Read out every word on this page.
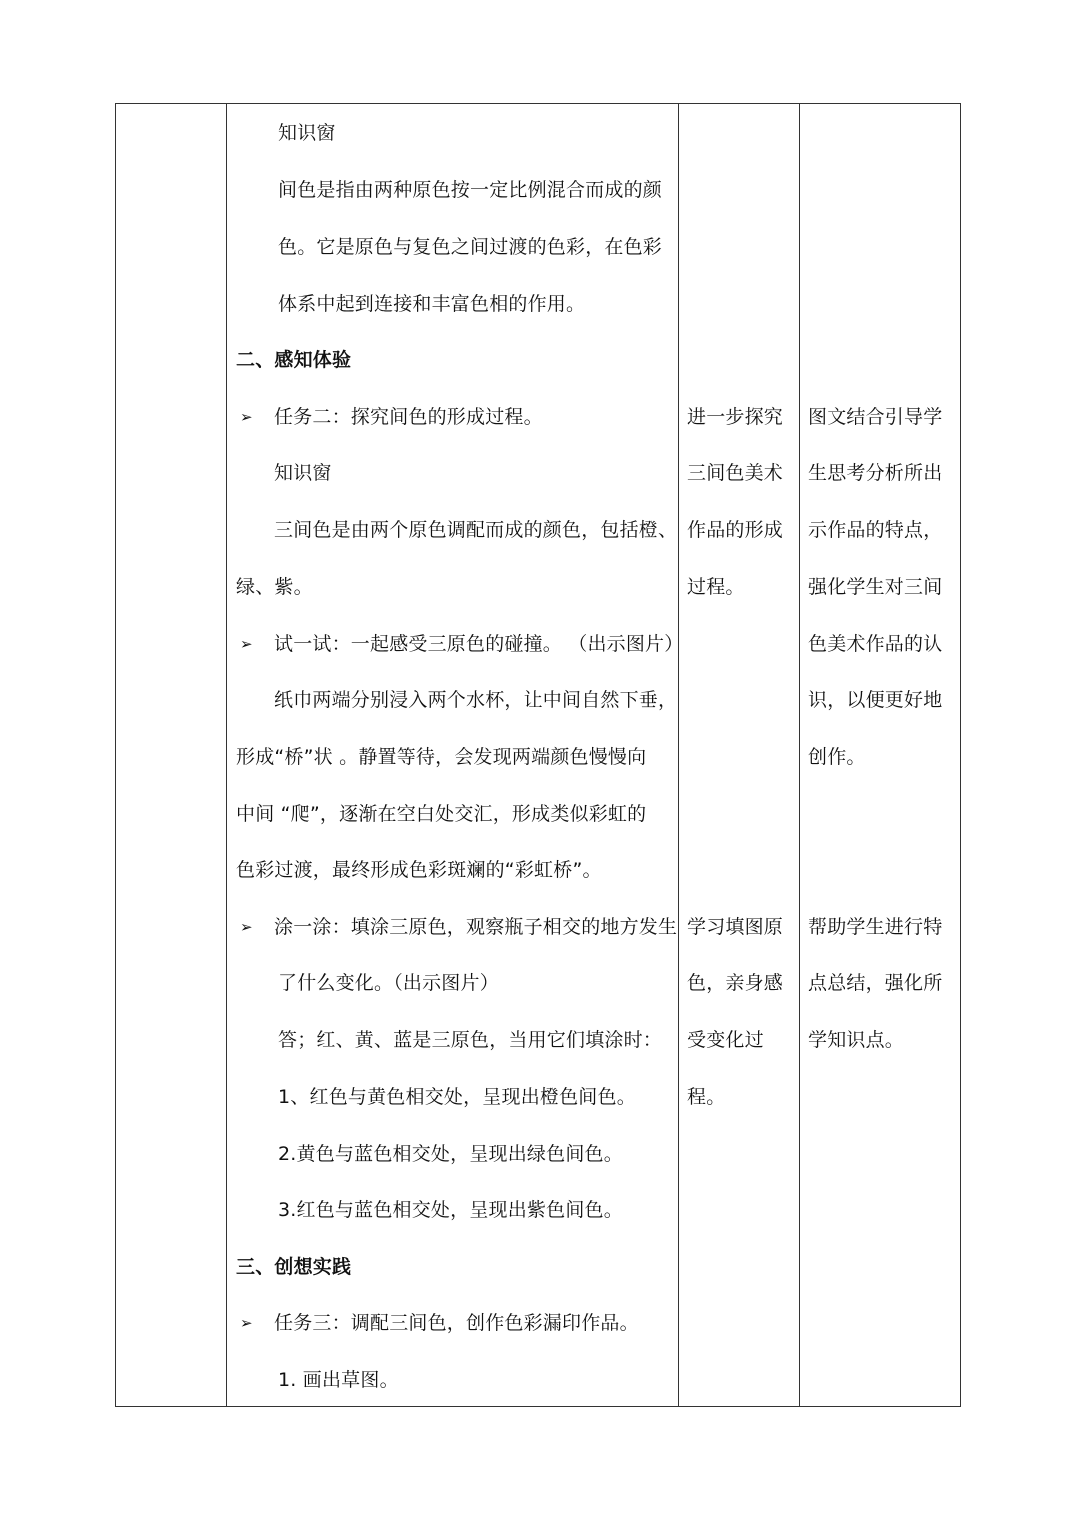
知识窗
间色是指由两种原色按一定比例混合而成的颜
色。它是原色与复色之间过渡的色彩，在色彩
体系中起到连接和丰富色相的作用。
二、感知体验
➢ 任务二：探究间色的形成过程。
知识窗
三间色是由两个原色调配而成的颜色，包括橙、
绿、紫。
➢ 试一试：一起感受三原色的碰撞。 （出示图片）
纸巾两端分别浸入两个水杯，让中间自然下垂，
形成“桥”状 。静置等待，会发现两端颜色慢慢向
中间 “爬”，逐渐在空白处交汇，形成类似彩虹的
色彩过渡，最终形成色彩斑斓的“彩虹桥”。
➢ 涂一涂：填涂三原色，观察瓶子相交的地方发生
了什么变化。（出示图片）
答；红、黄、蓝是三原色，当用它们填涂时：
1、红色与黄色相交处，呈现出橙色间色。
2.黄色与蓝色相交处，呈现出绿色间色。
3.红色与蓝色相交处，呈现出紫色间色。
三、创想实践
➢ 任务三：调配三间色，创作色彩漏印作品。
1. 画出草图。
进一步探究
三间色美术
作品的形成
过程。
学习填图原
色，亲身感
受变化过
程。
图文结合引导学
生思考分析所出
示作品的特点，
强化学生对三间
色美术作品的认
识，以便更好地
创作。
帮助学生进行特
点总结，强化所
学知识点。
